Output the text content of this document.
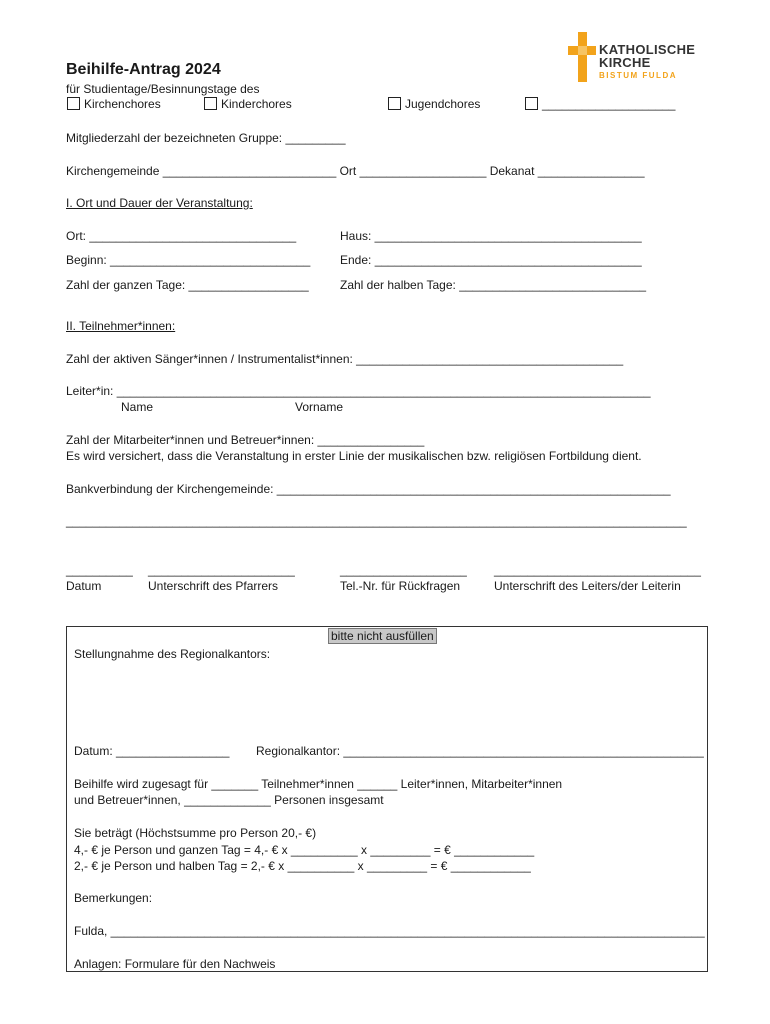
KATHOLISCHE
KIRCHE
BISTUM FULDA
Beihilfe-Antrag 2024
für Studientage/Besinnungstage des
Kirchenchores	Kinderchores	Jugendchores	____________________
Mitgliederzahl der bezeichneten Gruppe: _________
Kirchengemeinde __________________________ Ort ___________________ Dekanat ________________
I. Ort und Dauer der Veranstaltung:
Ort: _______________________________	Haus: ________________________________________
Beginn: ______________________________ Ende: ________________________________________
Zahl der ganzen Tage: __________________	Zahl der halben Tage: ____________________________
II. Teilnehmer*innen:
Zahl der aktiven Sänger*innen / Instrumentalist*innen: ________________________________________
Leiter*in: ________________________________________________________________________________
Name	Vorname
Zahl der Mitarbeiter*innen und Betreuer*innen: ________________
Es wird versichert, dass die Veranstaltung in erster Linie der musikalischen bzw. religiösen Fortbildung dient.
Bankverbindung der Kirchengemeinde: ___________________________________________________________
_____________________________________________________________________________________________
__________ ______________________	___________________ _______________________________
Datum	Unterschrift des Pfarrers	Tel.-Nr. für Rückfragen	Unterschrift des Leiters/der Leiterin
bitte nicht ausfüllen
Stellungnahme des Regionalkantors:
Datum: _________________ Regionalkantor: ______________________________________________________
Beihilfe wird zugesagt für _______ Teilnehmer*innen ______ Leiter*innen, Mitarbeiter*innen
und Betreuer*innen, _____________ Personen insgesamt
Sie beträgt (Höchstsumme pro Person 20,- €)
4,- € je Person und ganzen Tag = 4,- € x __________ x _________ = € ____________
2,- € je Person und halben Tag = 2,- € x __________ x _________ = € ____________
Bemerkungen:
Fulda, _________________________________________________________________________________________
Anlagen: Formulare für den Nachweis
